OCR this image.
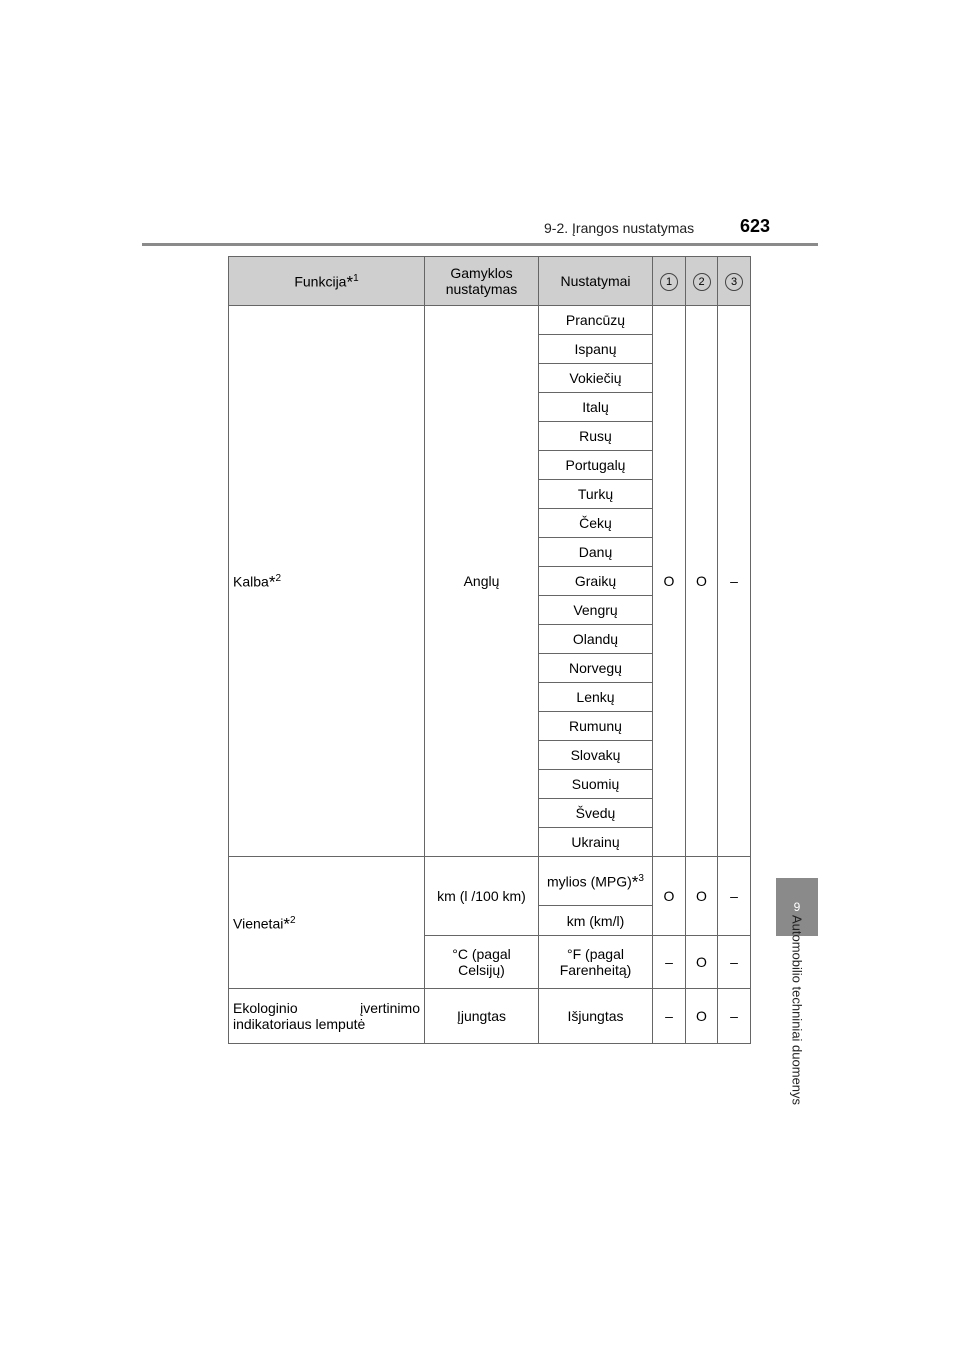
9-2. Įrangos nustatymas	623
9
Automobilio techniniai duomenys
Funkcija*$^1$	Gamyklos nustatymas	Nustatymai	1	2	3
Kalba*$^2$	Anglų	Prancūzų	O	O	–
		Ispanų			
		Vokiečių			
		Italų			
		Rusų			
		Portugalų			
		Turkų			
		Čekų			
		Danų			
		Graikų			
		Vengrų			
		Olandų			
		Norvegų			
		Lenkų			
		Rumunų			
		Slovakų			
		Suomių			
		Švedų			
		Ukrainų			
Vienetai*$^2$	km (l /100 km)	mylios (MPG)*$^3$	O	O	–
		km (km/l)			
	°C (pagal Celsijų)	°F (pagal Farenheitą)	–	O	–
Ekologinio įvertinimo indikatoriaus lemputė	Įjungtas	Išjungtas	–	O	–
